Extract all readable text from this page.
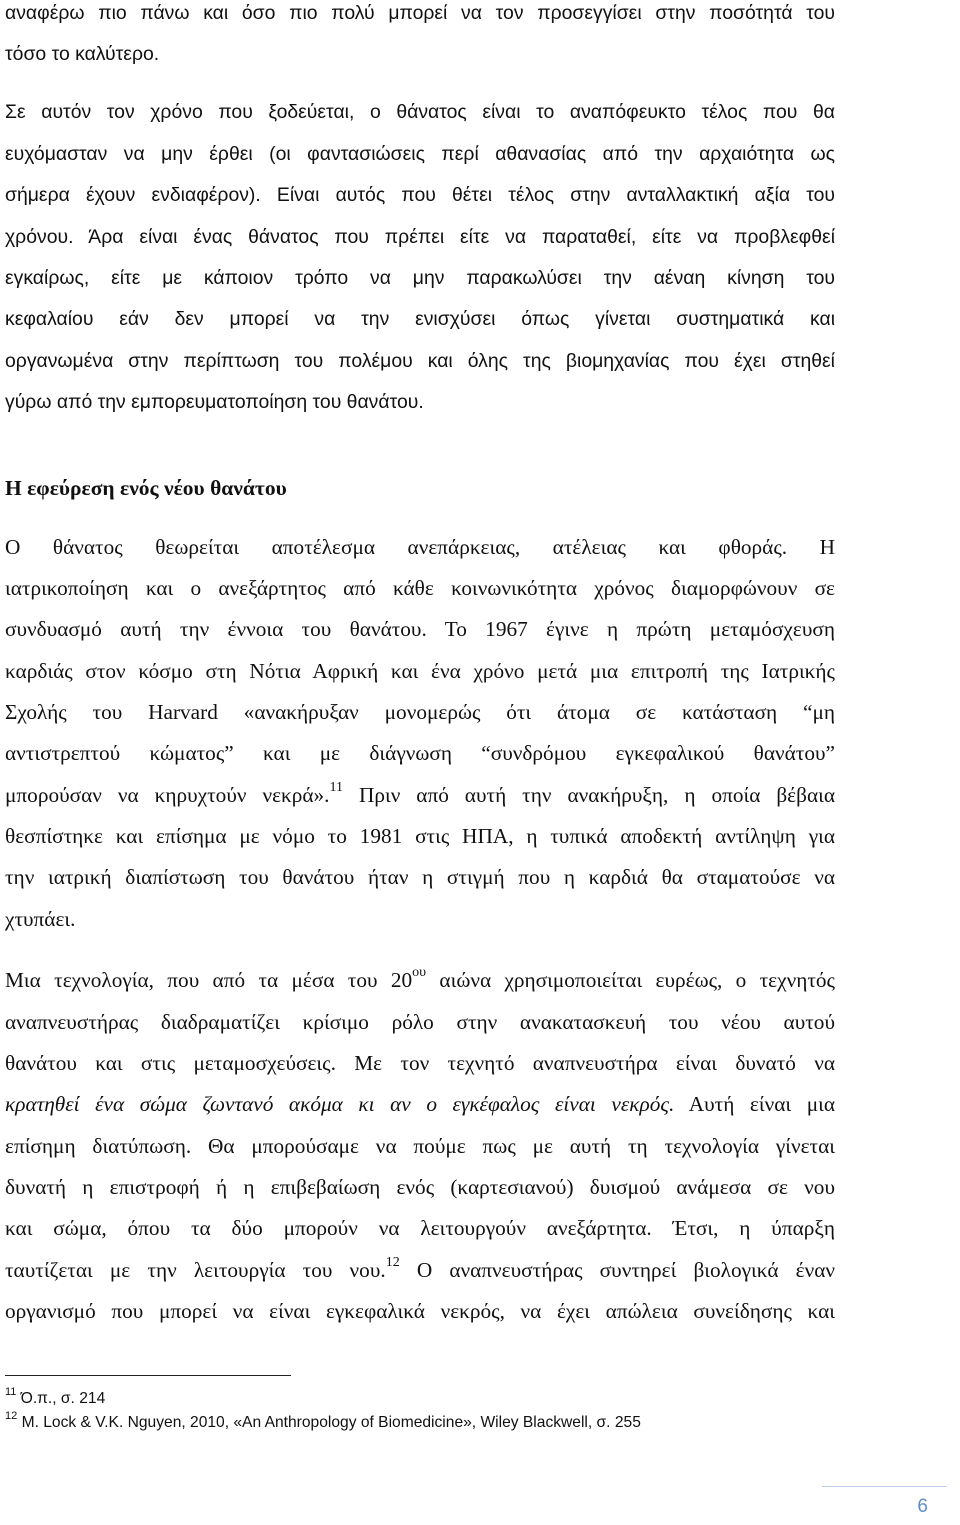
αναφέρω πιο πάνω και όσο πιο πολύ μπορεί να τον προσεγγίσει στην ποσότητά του
τόσο το καλύτερο.
Σε αυτόν τον χρόνο που ξοδεύεται, ο θάνατος είναι το αναπόφευκτο τέλος που θα
ευχόμασταν να μην έρθει (οι φαντασιώσεις περί αθανασίας από την αρχαιότητα ως
σήμερα έχουν ενδιαφέρον). Είναι αυτός που θέτει τέλος στην ανταλλακτική αξία του
χρόνου. Άρα είναι ένας θάνατος που πρέπει είτε να παραταθεί, είτε να προβλεφθεί
εγκαίρως, είτε με κάποιον τρόπο να μην παρακωλύσει την αέναη κίνηση του
κεφαλαίου εάν δεν μπορεί να την ενισχύσει όπως γίνεται συστηματικά και
οργανωμένα στην περίπτωση του πολέμου και όλης της βιομηχανίας που έχει στηθεί
γύρω από την εμπορευματοποίηση του θανάτου.
Η εφεύρεση ενός νέου θανάτου
Ο θάνατος θεωρείται αποτέλεσμα ανεπάρκειας, ατέλειας και φθοράς. Η
ιατρικοποίηση και ο ανεξάρτητος από κάθε κοινωνικότητα χρόνος διαμορφώνουν σε
συνδυασμό αυτή την έννοια του θανάτου. Το 1967 έγινε η πρώτη μεταμόσχευση
καρδιάς στον κόσμο στη Νότια Αφρική και ένα χρόνο μετά μια επιτροπή της Ιατρικής
Σχολής του Harvard «ανακήρυξαν μονομερώς ότι άτομα σε κατάσταση “μη
αντιστρεπτού κώματος” και με διάγνωση “συνδρόμου εγκεφαλικού θανάτου”
μπορούσαν να κηρυχτούν νεκρά».$^{11}$ Πριν από αυτή την ανακήρυξη, η οποία βέβαια
θεσπίστηκε και επίσημα με νόμο το 1981 στις ΗΠΑ, η τυπικά αποδεκτή αντίληψη για
την ιατρική διαπίστωση του θανάτου ήταν η στιγμή που η καρδιά θα σταματούσε να
χτυπάει.
Μια τεχνολογία, που από τα μέσα του $20^{o\upsilon}$ αιώνα χρησιμοποιείται ευρέως, ο τεχνητός
αναπνευστήρας διαδραματίζει κρίσιμο ρόλο στην ανακατασκευή του νέου αυτού
θανάτου και στις μεταμοσχεύσεις. Με τον τεχνητό αναπνευστήρα είναι δυνατό να
κρατηθεί ένα σώμα ζωντανό ακόμα κι αν ο εγκέφαλος είναι νεκρός. Αυτή είναι μια
επίσημη διατύπωση. Θα μπορούσαμε να πούμε πως με αυτή τη τεχνολογία γίνεται
δυνατή η επιστροφή ή η επιβεβαίωση ενός (καρτεσιανού) δυισμού ανάμεσα σε νου
και σώμα, όπου τα δύο μπορούν να λειτουργούν ανεξάρτητα. Έτσι, η ύπαρξη
ταυτίζεται με την λειτουργία του νου.$^{12}$ Ο αναπνευστήρας συντηρεί βιολογικά έναν
οργανισμό που μπορεί να είναι εγκεφαλικά νεκρός, να έχει απώλεια συνείδησης και
$^{11}$ Ό.π., σ. 214
$^{12}$ M. Lock & V.K. Nguyen, 2010, «An Anthropology of Biomedicine», Wiley Blackwell, σ. 255
6
